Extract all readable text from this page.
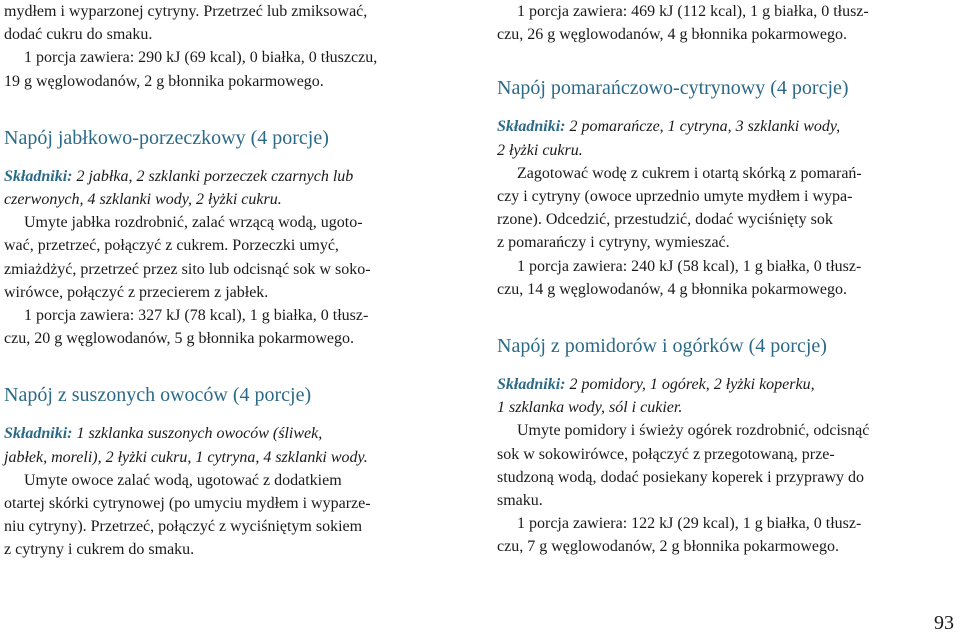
mydłem i wyparzonej cytryny. Przetrzeć lub zmiksować,
dodać cukru do smaku.

1 porcja zawiera: 290 kJ (69 kcal), 0 białka, 0 tłuszczu,
19 g węglowodanów, 2 g błonnika pokarmowego.

Napój jabłkowo-porzeczkowy (4 porcje)

Składniki: 2 jabłka, 2 szklanki porzeczek czarnych lub
czerwonych, 4 szklanki wody, 2 łyżki cukru.

Umyte jabłka rozdrobnić, zalać wrzącą wodą, ugoto-
wać, przetrzeć, połączyć z cukrem. Porzeczki umyć,
zmiażdżyć, przetrzeć przez sito lub odcisnąć sok w soko-
wirówce, połączyć z przecierem z jabłek.

1 porcja zawiera: 327 kJ (78 kcal), 1 g białka, 0 tłusz-
czu, 20 g węglowodanów, 5 g błonnika pokarmowego.

Napój z suszonych owoców (4 porcje)

Składniki: 1 szklanka suszonych owoców (śliwek,
jabłek, moreli), 2 łyżki cukru, 1 cytryna, 4 szklanki wody.

Umyte owoce zalać wodą, ugotować z dodatkiem
otartej skórki cytrynowej (po umyciu mydłem i wyparze-
niu cytryny). Przetrzeć, połączyć z wyciśniętym sokiem
z cytryny i cukrem do smaku.

1 porcja zawiera: 469 kJ (112 kcal), 1 g białka, 0 tłusz-
czu, 26 g węglowodanów, 4 g błonnika pokarmowego.

Napój pomarańczowo-cytrynowy (4 porcje)

Składniki: 2 pomarańcze, 1 cytryna, 3 szklanki wody,
2 łyżki cukru.

Zagotować wodę z cukrem i otartą skórką z pomarań-
czy i cytryny (owoce uprzednio umyte mydłem i wypa-
rzone). Odcedzić, przestudzić, dodać wyciśnięty sok
z pomarańczy i cytryny, wymieszać.

1 porcja zawiera: 240 kJ (58 kcal), 1 g białka, 0 tłusz-
czu, 14 g węglowodanów, 4 g błonnika pokarmowego.

Napój z pomidorów i ogórków (4 porcje)

Składniki: 2 pomidory, 1 ogórek, 2 łyżki koperku,
1 szklanka wody, sól i cukier.

Umyte pomidory i świeży ogórek rozdrobnić, odcisnąć
sok w sokowirówce, połączyć z przegotowaną, prze-
studzoną wodą, dodać posiekany koperek i przyprawy do
smaku.

1 porcja zawiera: 122 kJ (29 kcal), 1 g białka, 0 tłusz-
czu, 7 g węglowodanów, 2 g błonnika pokarmowego.

93
